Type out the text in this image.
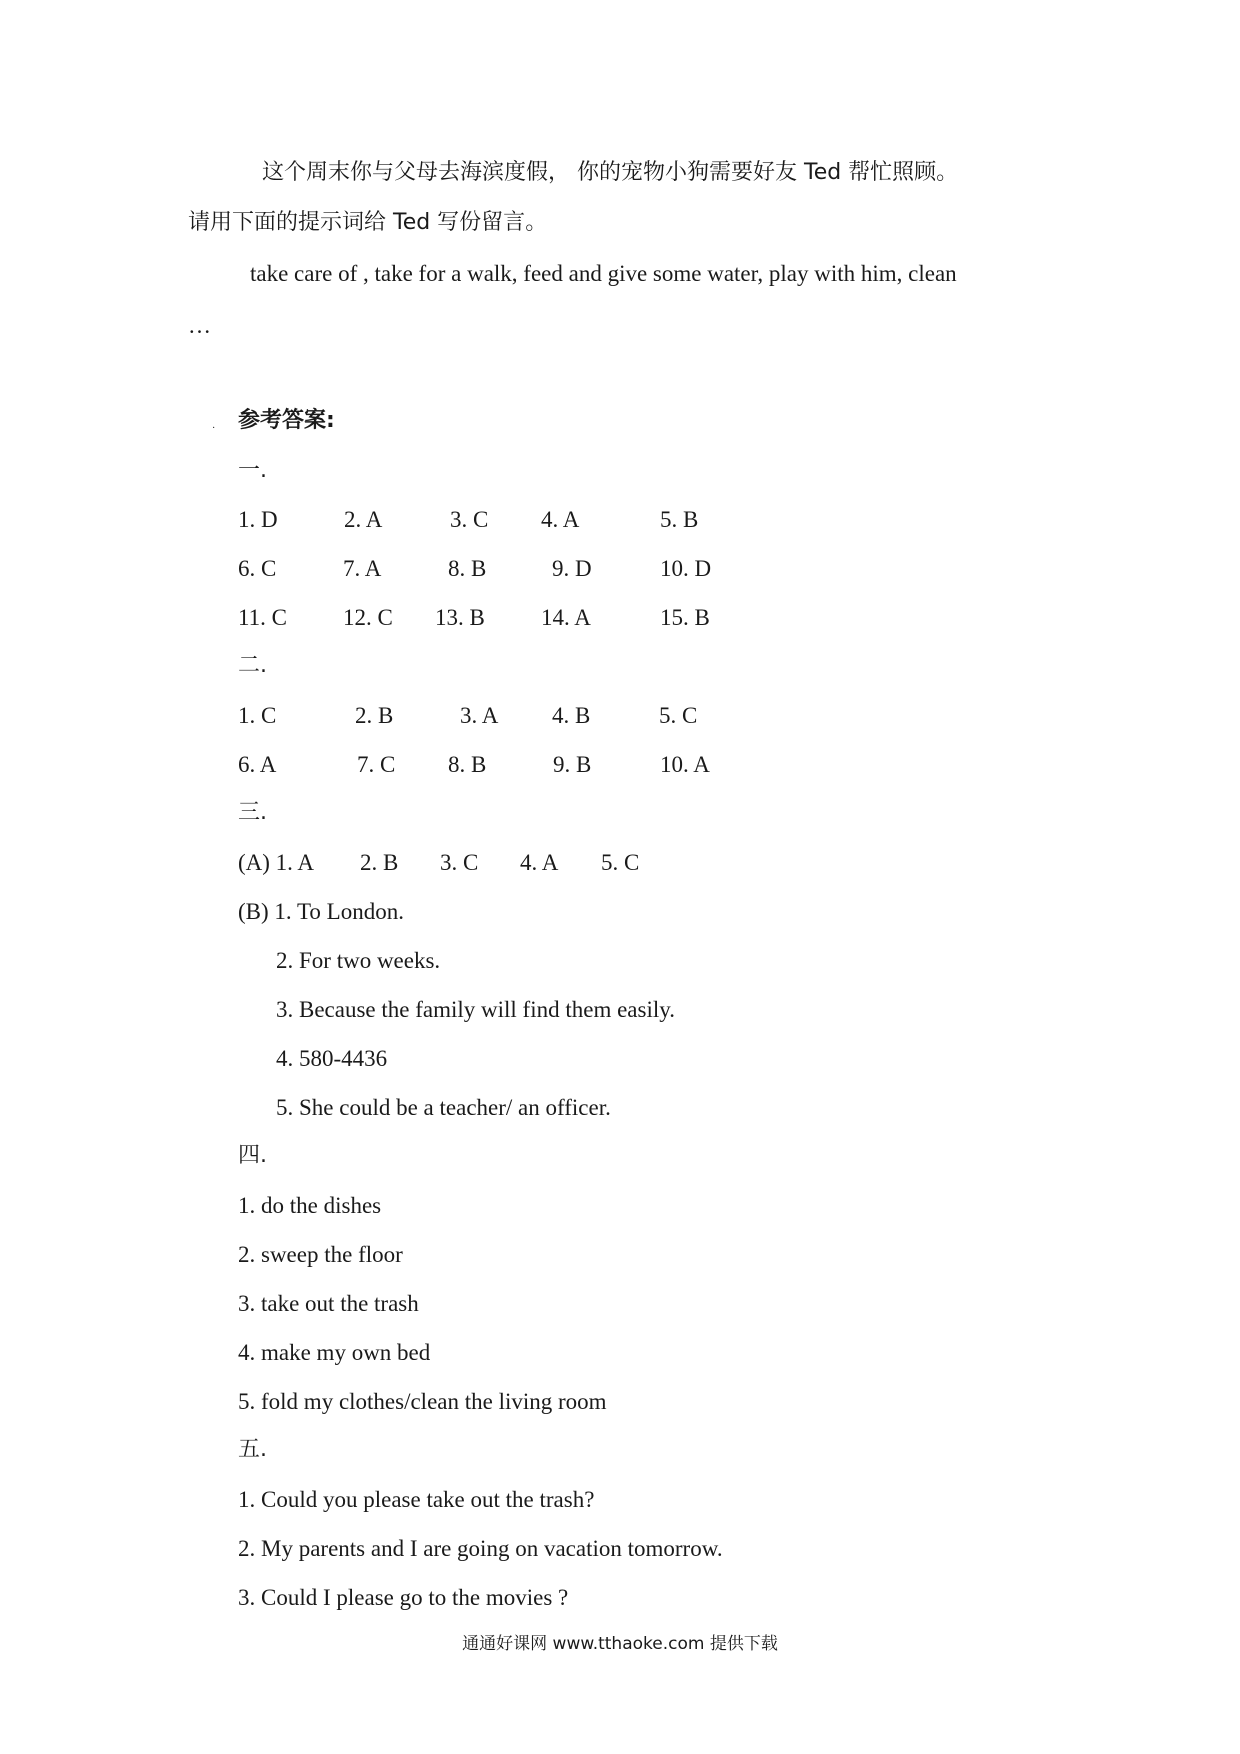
这个周末你与父母去海滨度假， 你的宠物小狗需要好友 Ted 帮忙照顾。
请用下面的提示词给 Ted 写份留言。
take care of , take for a walk, feed and give some water, play with him, clean
…
· 参考答案:
一.
1. D	2. A	3. C 4. A	5. B
6. C	7. A	8. B	9. D	10. D
11. C 12. C 13. B 14. A	15. B
二.
1. C	2. B	3. A 4. B	5. C
6. A	7. C 8. B	9. B	10. A
三.
(A) 1. A 2. B 3. C 4. A 5. C
(B) 1. To London.
2. For two weeks.
3. Because the family will find them easily.
4. 580-4436
5. She could be a teacher/ an officer.
四.
1. do the dishes
2. sweep the floor
3. take out the trash
4. make my own bed
5. fold my clothes/clean the living room
五.
1. Could you please take out the trash?
2. My parents and I are going on vacation tomorrow.
3. Could I please go to the movies ?
通通好课网 www.tthaoke.com 提供下载
